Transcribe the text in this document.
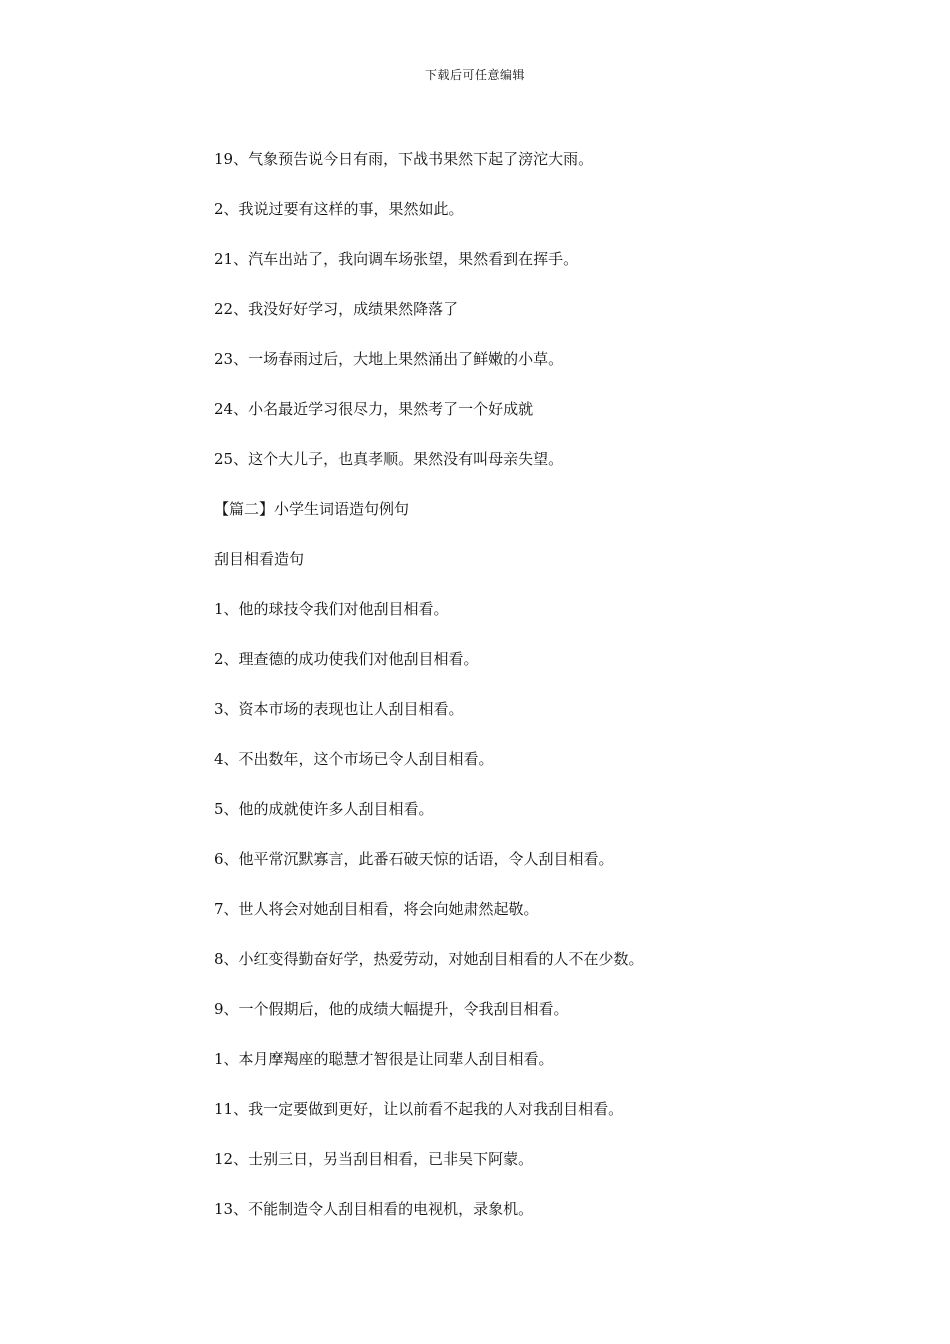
下载后可任意编辑
19、气象预告说今日有雨，下战书果然下起了滂沱大雨。
2、我说过要有这样的事，果然如此。
21、汽车出站了，我向调车场张望，果然看到在挥手。
22、我没好好学习，成绩果然降落了
23、一场春雨过后，大地上果然涌出了鲜嫩的小草。
24、小名最近学习很尽力，果然考了一个好成就
25、这个大儿子，也真孝顺。果然没有叫母亲失望。
【篇二】小学生词语造句例句
刮目相看造句
1、他的球技令我们对他刮目相看。
2、理查德的成功使我们对他刮目相看。
3、资本市场的表现也让人刮目相看。
4、不出数年，这个市场已令人刮目相看。
5、他的成就使许多人刮目相看。
6、他平常沉默寡言，此番石破天惊的话语，令人刮目相看。
7、世人将会对她刮目相看，将会向她肃然起敬。
8、小红变得勤奋好学，热爱劳动，对她刮目相看的人不在少数。
9、一个假期后，他的成绩大幅提升，令我刮目相看。
1、本月摩羯座的聪慧才智很是让同辈人刮目相看。
11、我一定要做到更好，让以前看不起我的人对我刮目相看。
12、士别三日，另当刮目相看，已非吴下阿蒙。
13、不能制造令人刮目相看的电视机，录象机。
